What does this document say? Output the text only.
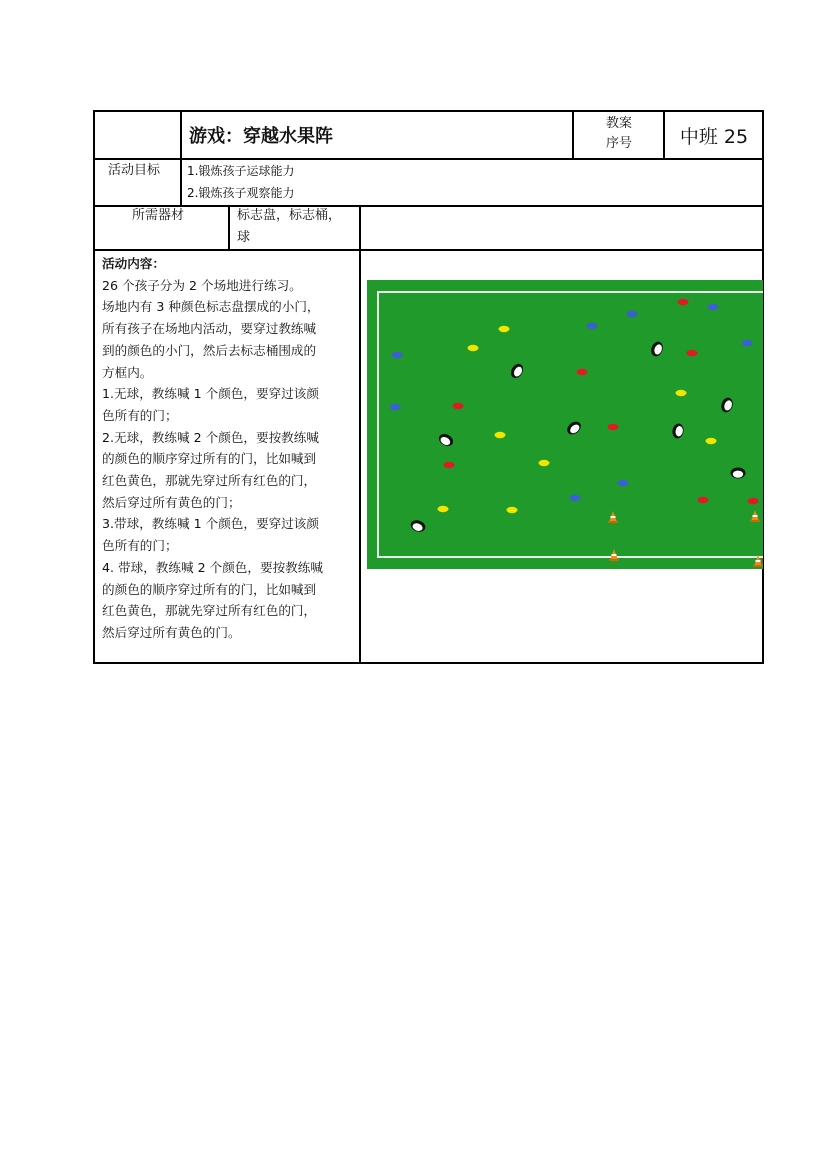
游戏：穿越水果阵
教案
序号	中班 25
活动目标 1.锻炼孩子运球能力
2.锻炼孩子观察能力
所需器材	标志盘，标志桶，
球
活动内容：
26 个孩子分为 2 个场地进行练习。
场地内有 3 种颜色标志盘摆成的小门，
所有孩子在场地内活动，要穿过教练喊
到的颜色的小门，然后去标志桶围成的
方框内。
1.无球，教练喊 1 个颜色，要穿过该颜
色所有的门；
2.无球，教练喊 2 个颜色，要按教练喊
的颜色的顺序穿过所有的门，比如喊到
红色黄色，那就先穿过所有红色的门，
然后穿过所有黄色的门；
3.带球，教练喊 1 个颜色，要穿过该颜
色所有的门；
4. 带球，教练喊 2 个颜色，要按教练喊
的颜色的顺序穿过所有的门，比如喊到
红色黄色，那就先穿过所有红色的门，
然后穿过所有黄色的门。
